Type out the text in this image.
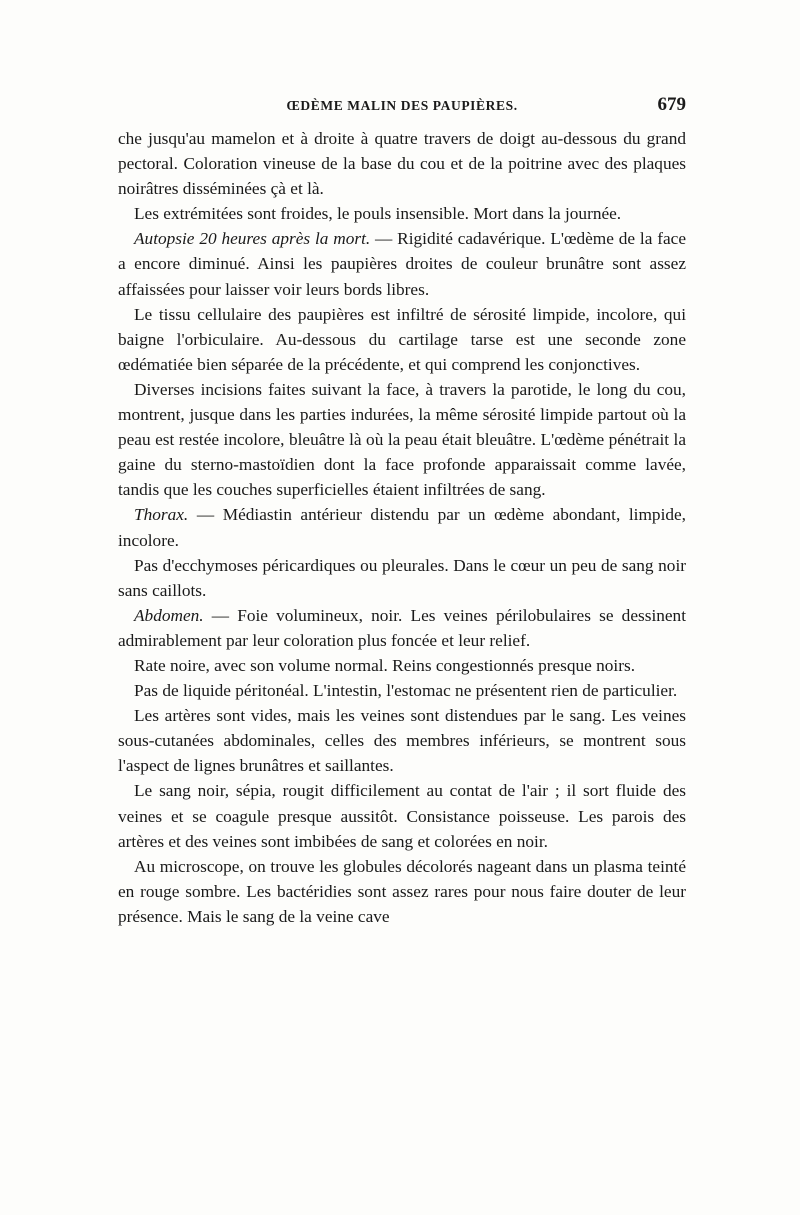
ŒDÈME MALIN DES PAUPIÈRES.	679

che jusqu'au mamelon et à droite à quatre travers de doigt au-dessous du grand pectoral. Coloration vineuse de la base du cou et de la poitrine avec des plaques noirâtres disséminées çà et là.

Les extrémitées sont froides, le pouls insensible. Mort dans la journée.

Autopsie 20 heures après la mort. — Rigidité cadavérique. L'œdème de la face a encore diminué. Ainsi les paupières droites de couleur brunâtre sont assez affaissées pour laisser voir leurs bords libres.

Le tissu cellulaire des paupières est infiltré de sérosité limpide, incolore, qui baigne l'orbiculaire. Au-dessous du cartilage tarse est une seconde zone œdématiée bien séparée de la précédente, et qui comprend les conjonctives.

Diverses incisions faites suivant la face, à travers la parotide, le long du cou, montrent, jusque dans les parties indurées, la même sérosité limpide partout où la peau est restée incolore, bleuâtre là où la peau était bleuâtre. L'œdème pénétrait la gaine du sterno-mastoïdien dont la face profonde apparaissait comme lavée, tandis que les couches superficielles étaient infiltrées de sang.

Thorax. — Médiastin antérieur distendu par un œdème abondant, limpide, incolore.

Pas d'ecchymoses péricardiques ou pleurales. Dans le cœur un peu de sang noir sans caillots.

Abdomen. — Foie volumineux, noir. Les veines périlobulaires se dessinent admirablement par leur coloration plus foncée et leur relief.

Rate noire, avec son volume normal. Reins congestionnés presque noirs.

Pas de liquide péritonéal. L'intestin, l'estomac ne présentent rien de particulier.

Les artères sont vides, mais les veines sont distendues par le sang. Les veines sous-cutanées abdominales, celles des membres inférieurs, se montrent sous l'aspect de lignes brunâtres et saillantes.

Le sang noir, sépia, rougit difficilement au contat de l'air ; il sort fluide des veines et se coagule presque aussitôt. Consistance poisseuse. Les parois des artères et des veines sont imbibées de sang et colorées en noir.

Au microscope, on trouve les globules décolorés nageant dans un plasma teinté en rouge sombre. Les bactéridies sont assez rares pour nous faire douter de leur présence. Mais le sang de la veine cave
